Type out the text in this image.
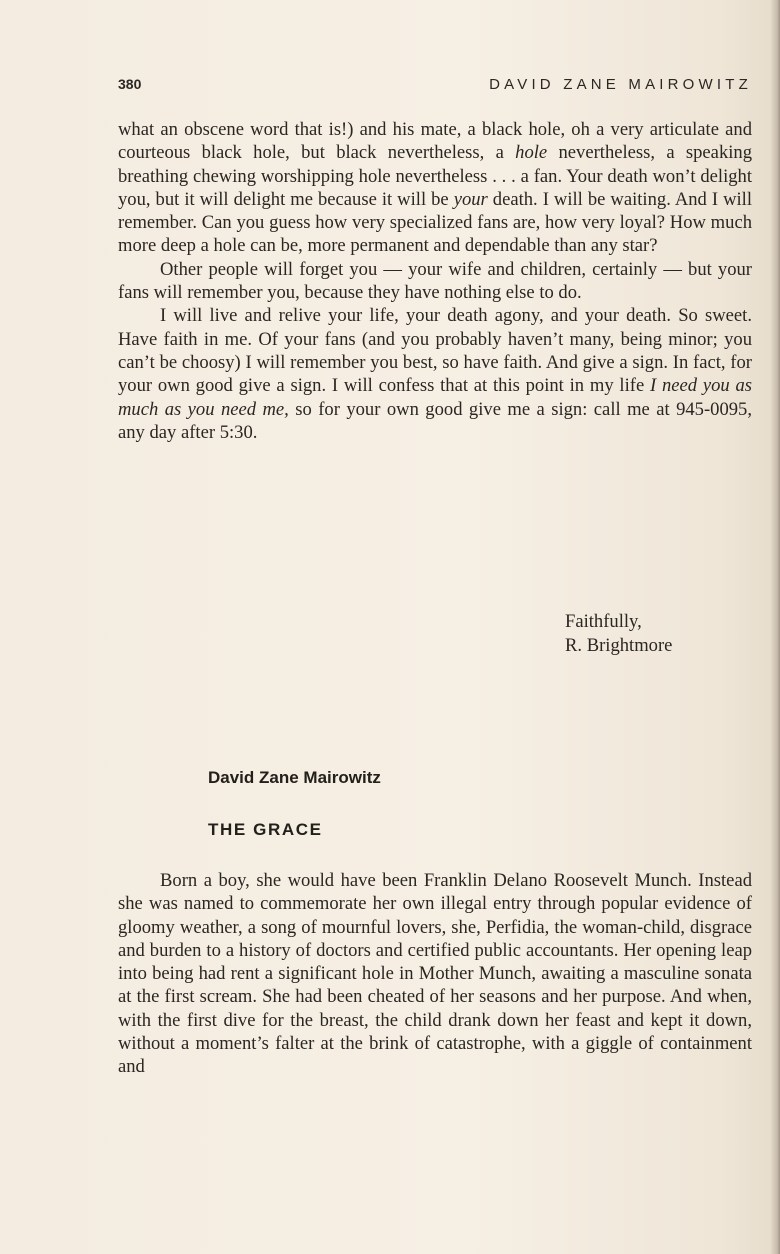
380	DAVID ZANE MAIROWITZ

what an obscene word that is!) and his mate, a black hole, oh a very articulate and courteous black hole, but black nevertheless, a hole nevertheless, a speaking breathing chewing worshipping hole nevertheless . . . a fan. Your death won’t delight you, but it will delight me because it will be your death. I will be waiting. And I will remember. Can you guess how very specialized fans are, how very loyal? How much more deep a hole can be, more permanent and dependable than any star?

Other people will forget you — your wife and children, certainly — but your fans will remember you, because they have nothing else to do.

I will live and relive your life, your death agony, and your death. So sweet. Have faith in me. Of your fans (and you probably haven’t many, being minor; you can’t be choosy) I will remember you best, so have faith. And give a sign. In fact, for your own good give a sign. I will confess that at this point in my life I need you as much as you need me, so for your own good give me a sign: call me at 945-0095, any day after 5:30.

Faithfully,
R. Brightmore
David Zane Mairowitz
THE GRACE

Born a boy, she would have been Franklin Delano Roosevelt Munch. Instead she was named to commemorate her own illegal entry through popular evidence of gloomy weather, a song of mournful lovers, she, Perfidia, the woman-child, disgrace and burden to a history of doctors and certified public accountants. Her opening leap into being had rent a significant hole in Mother Munch, awaiting a masculine sonata at the first scream. She had been cheated of her seasons and her purpose. And when, with the first dive for the breast, the child drank down her feast and kept it down, without a moment’s falter at the brink of catastrophe, with a giggle of containment and
